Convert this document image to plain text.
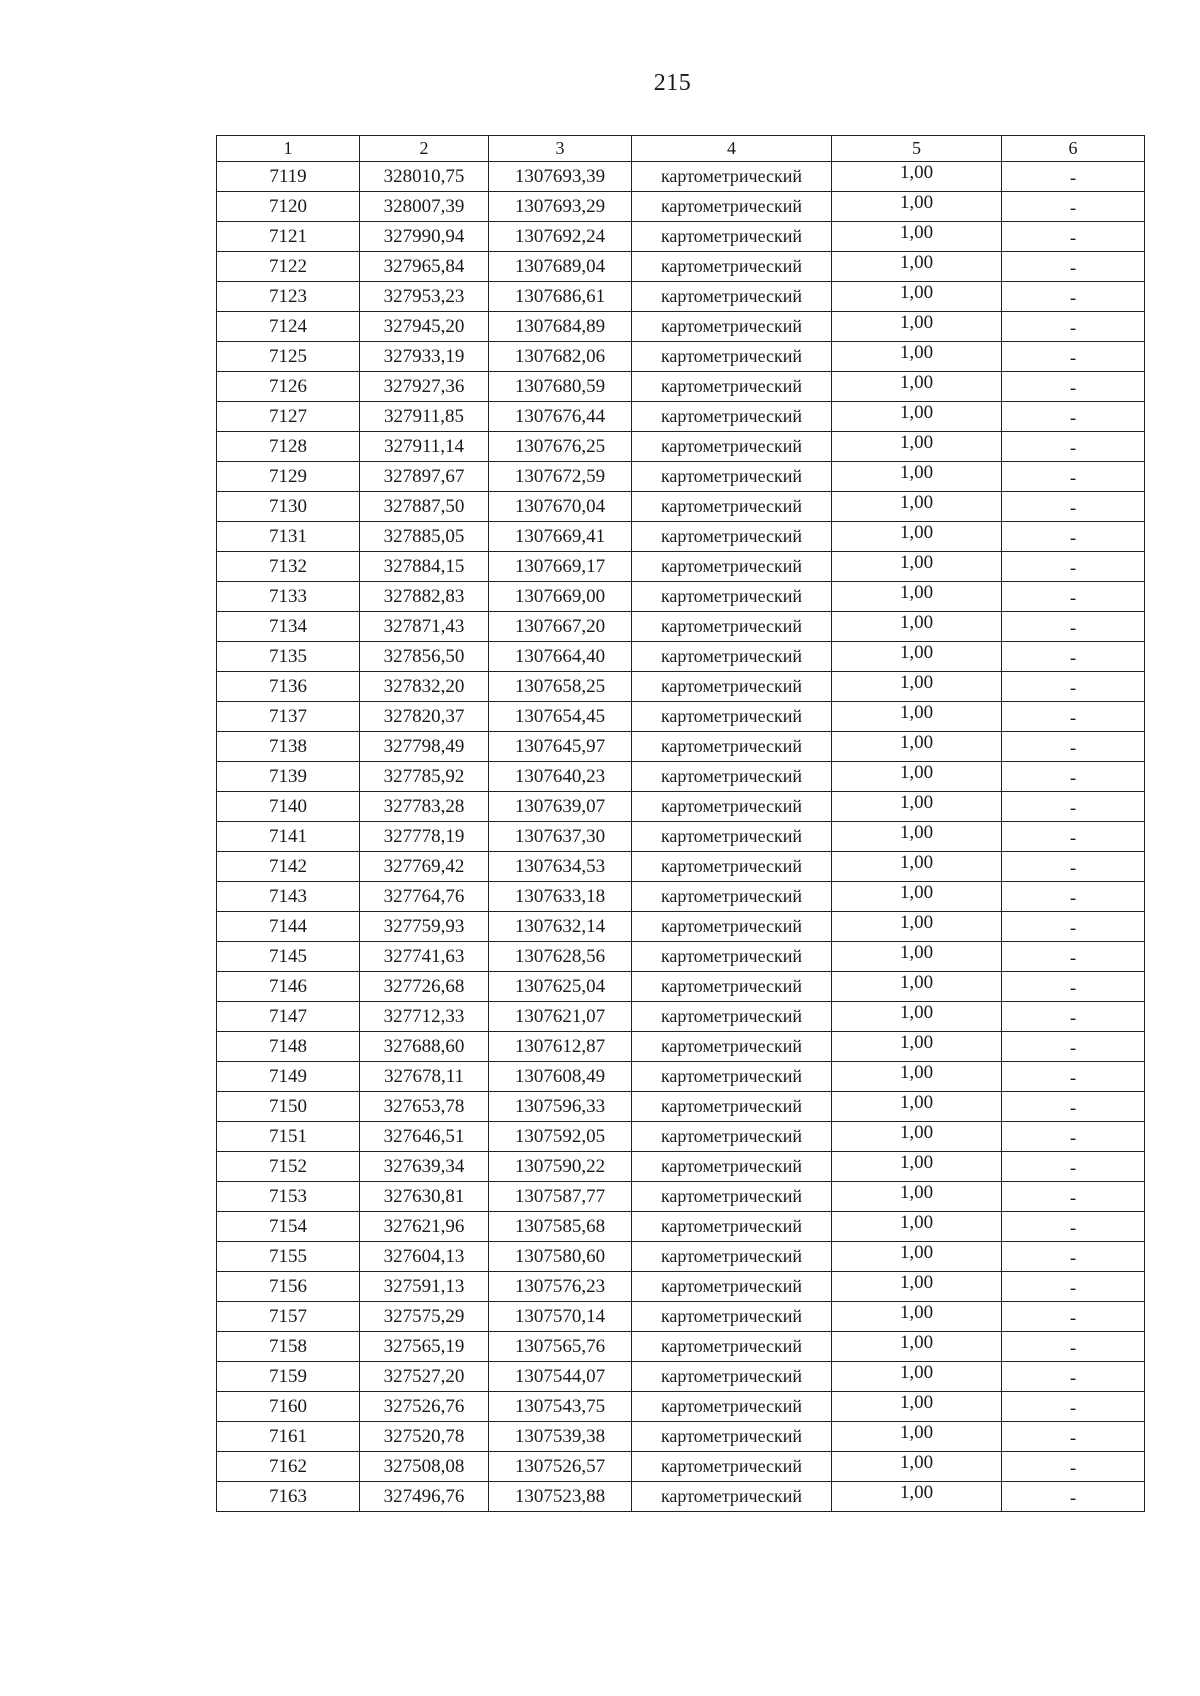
215
1	2	3	4	5	6
7119	328010,75	1307693,39	картометрический	1,00	-
7120	328007,39	1307693,29	картометрический	1,00	-
7121	327990,94	1307692,24	картометрический	1,00	-
7122	327965,84	1307689,04	картометрический	1,00	-
7123	327953,23	1307686,61	картометрический	1,00	-
7124	327945,20	1307684,89	картометрический	1,00	-
7125	327933,19	1307682,06	картометрический	1,00	-
7126	327927,36	1307680,59	картометрический	1,00	-
7127	327911,85	1307676,44	картометрический	1,00	-
7128	327911,14	1307676,25	картометрический	1,00	-
7129	327897,67	1307672,59	картометрический	1,00	-
7130	327887,50	1307670,04	картометрический	1,00	-
7131	327885,05	1307669,41	картометрический	1,00	-
7132	327884,15	1307669,17	картометрический	1,00	-
7133	327882,83	1307669,00	картометрический	1,00	-
7134	327871,43	1307667,20	картометрический	1,00	-
7135	327856,50	1307664,40	картометрический	1,00	-
7136	327832,20	1307658,25	картометрический	1,00	-
7137	327820,37	1307654,45	картометрический	1,00	-
7138	327798,49	1307645,97	картометрический	1,00	-
7139	327785,92	1307640,23	картометрический	1,00	-
7140	327783,28	1307639,07	картометрический	1,00	-
7141	327778,19	1307637,30	картометрический	1,00	-
7142	327769,42	1307634,53	картометрический	1,00	-
7143	327764,76	1307633,18	картометрический	1,00	-
7144	327759,93	1307632,14	картометрический	1,00	-
7145	327741,63	1307628,56	картометрический	1,00	-
7146	327726,68	1307625,04	картометрический	1,00	-
7147	327712,33	1307621,07	картометрический	1,00	-
7148	327688,60	1307612,87	картометрический	1,00	-
7149	327678,11	1307608,49	картометрический	1,00	-
7150	327653,78	1307596,33	картометрический	1,00	-
7151	327646,51	1307592,05	картометрический	1,00	-
7152	327639,34	1307590,22	картометрический	1,00	-
7153	327630,81	1307587,77	картометрический	1,00	-
7154	327621,96	1307585,68	картометрический	1,00	-
7155	327604,13	1307580,60	картометрический	1,00	-
7156	327591,13	1307576,23	картометрический	1,00	-
7157	327575,29	1307570,14	картометрический	1,00	-
7158	327565,19	1307565,76	картометрический	1,00	-
7159	327527,20	1307544,07	картометрический	1,00	-
7160	327526,76	1307543,75	картометрический	1,00	-
7161	327520,78	1307539,38	картометрический	1,00	-
7162	327508,08	1307526,57	картометрический	1,00	-
7163	327496,76	1307523,88	картометрический	1,00	-
